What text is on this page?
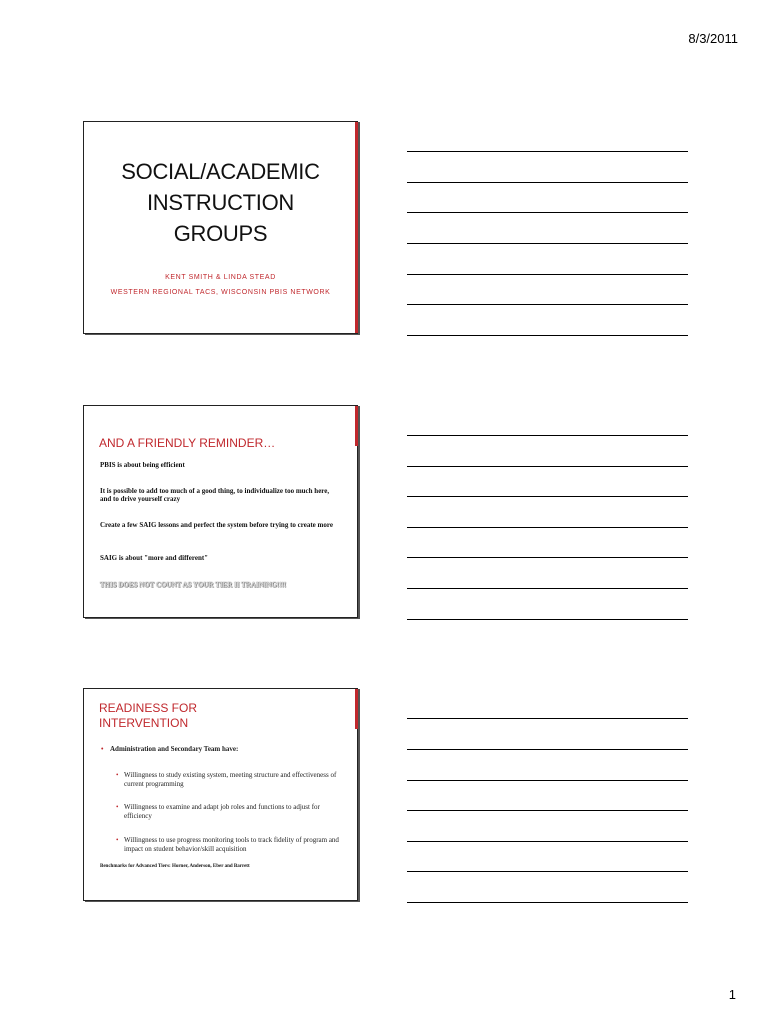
8/3/2011
SOCIAL/ACADEMIC
INSTRUCTION
GROUPS
KENT SMITH & LINDA STEAD
WESTERN REGIONAL TACS, WISCONSIN PBIS NETWORK
AND A FRIENDLY REMINDER…
PBIS is about being efficient
It is possible to add too much of a good thing, to individualize too much here, and to drive yourself crazy
Create a few SAIG lessons and perfect the system before trying to create more
SAIG is about "more and different"
THIS DOES NOT COUNT AS YOUR TIER II TRAINING!!!!
READINESS FOR INTERVENTION
• Administration and Secondary Team have:
• Willingness to study existing system, meeting structure and effectiveness of current programming
• Willingness to examine and adapt job roles and functions to adjust for efficiency
• Willingness to use progress monitoring tools to track fidelity of program and impact on student behavior/skill acquisition
Benchmarks for Advanced Tiers: Horner, Anderson, Eber and Barrett
1
